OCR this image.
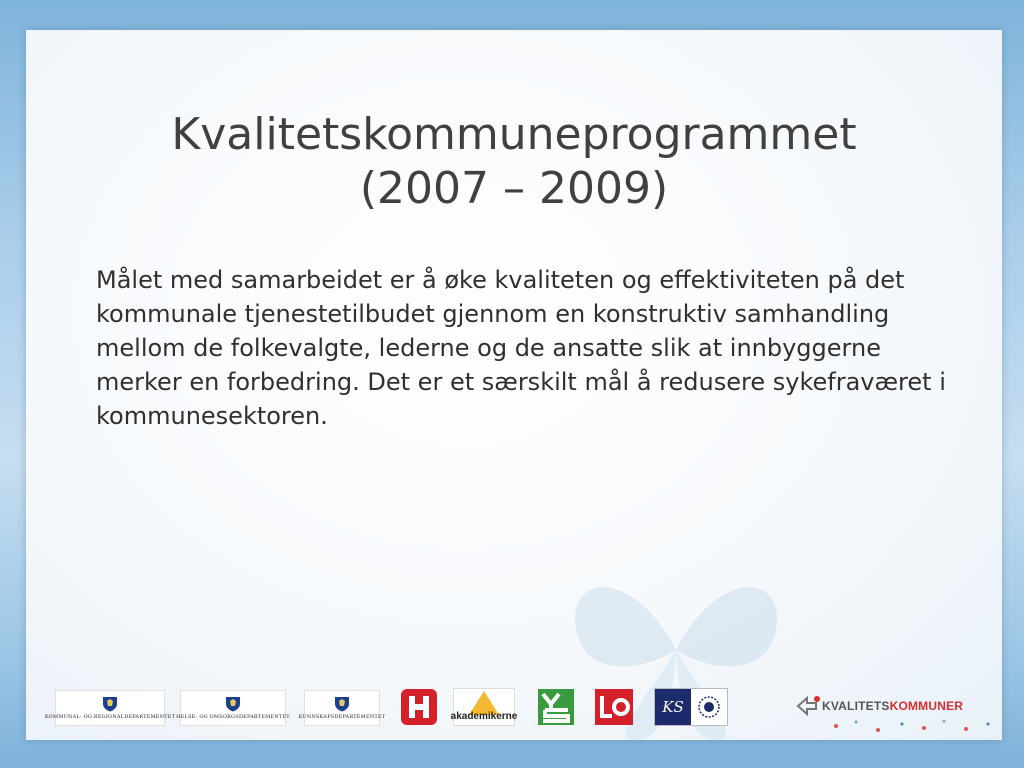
Kvalitetskommuneprogrammet
(2007 – 2009)

Målet med samarbeidet er å øke kvaliteten og effektiviteten på det kommunale tjenestetilbudet gjennom en konstruktiv samhandling mellom de folkevalgte, lederne og de ansatte slik at innbyggerne merker en forbedring. Det er et særskilt mål å redusere sykefraværet i kommunesektoren.

KOMMUNAL- OG REGIONALDEPARTEMENTET HELSE- OG OMSORGSDEPARTEMENTET KUNNSKAPSDEPARTEMENTET	akademikerne
KS	KVALITETS KOMMUNER
